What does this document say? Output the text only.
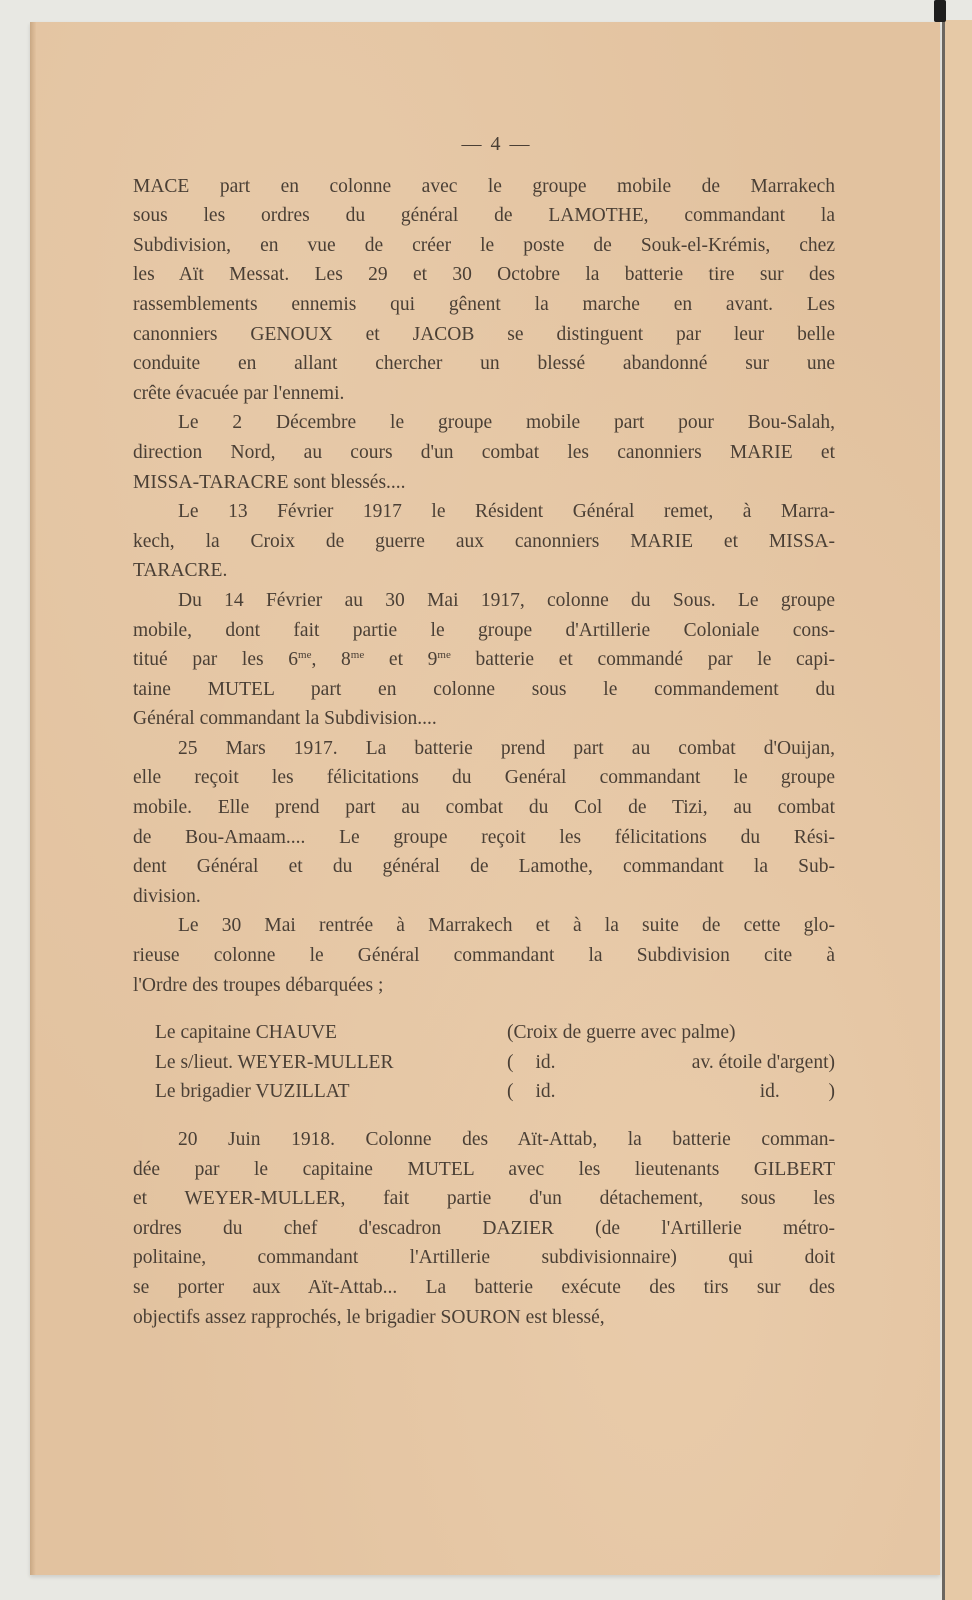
— 4 —
MACE part en colonne avec le groupe mobile de Marrakech
sous les ordres du général de LAMOTHE, commandant la
Subdivision, en vue de créer le poste de Souk-el-Krémis, chez
les Aït Messat. Les 29 et 30 Octobre la batterie tire sur des
rassemblements ennemis qui gênent la marche en avant. Les
canonniers GENOUX et JACOB se distinguent par leur belle
conduite en allant chercher un blessé abandonné sur une
crête évacuée par l'ennemi.
Le 2 Décembre le groupe mobile part pour Bou-Salah,
direction Nord, au cours d'un combat les canonniers MARIE et
MISSA-TARACRE sont blessés....
Le 13 Février 1917 le Résident Général remet, à Marra-
kech, la Croix de guerre aux canonniers MARIE et MISSA-
TARACRE.
Du 14 Février au 30 Mai 1917, colonne du Sous. Le groupe
mobile, dont fait partie le groupe d'Artillerie Coloniale cons-
titué par les $6^{me}$, $8^{me}$ et $9^{me}$ batterie et commandé par le capi-
taine MUTEL part en colonne sous le commandement du
Général commandant la Subdivision....
25 Mars 1917. La batterie prend part au combat d'Ouijan,
elle reçoit les félicitations du Genéral commandant le groupe
mobile. Elle prend part au combat du Col de Tizi, au combat
de Bou-Amaam.... Le groupe reçoit les félicitations du Rési-
dent Général et du général de Lamothe, commandant la Sub-
division.
Le 30 Mai rentrée à Marrakech et à la suite de cette glo-
rieuse colonne le Général commandant la Subdivision cite à
l'Ordre des troupes débarquées ;
Le capitaine CHAUVE	(Croix de guerre avec palme)
Le s/lieut. WEYER-MULLER	(	id.	av. étoile d'argent)
Le brigadier VUZILLAT	(	id.	id.          )
20 Juin 1918. Colonne des Aït-Attab, la batterie comman-
dée par le capitaine MUTEL avec les lieutenants GILBERT
et WEYER-MULLER, fait partie d'un détachement, sous les
ordres du chef d'escadron DAZIER (de l'Artillerie métro-
politaine, commandant l'Artillerie subdivisionnaire) qui doit
se porter aux Aït-Attab... La batterie exécute des tirs sur des
objectifs assez rapprochés, le brigadier SOURON est blessé,
